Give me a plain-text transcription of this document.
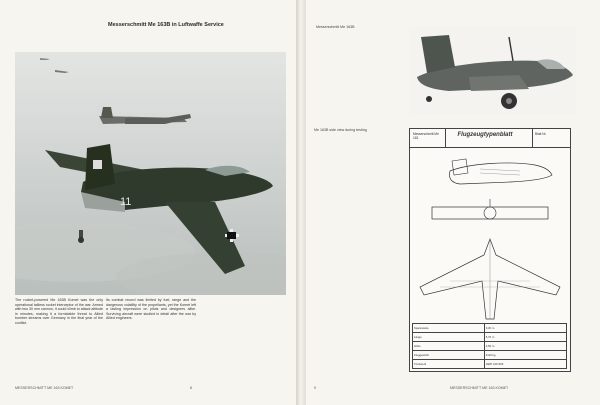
Messerschmitt Me 163B in Luftwaffe Service
11
The rocket-powered Me 163B Komet was the only operational tailless rocket interceptor of the war. Armed with two 30 mm cannon, it could climb to attack altitude in minutes, making it a formidable threat to Allied bomber streams over Germany in the final year of the conflict.
Its combat record was limited by fuel, range and the dangerous volatility of the propellants, yet the Komet left a lasting impression on pilots and designers alike. Surviving aircraft were studied in detail after the war by Allied engineers.
MESSERSCHMITT ME 163 KOMET	8
Messerschmitt Me 163B
Me 163B side view during testing
Messerschmitt Me 163	Flugzeugtypenblatt	Blatt Nr.
Spannweite	9,30 m
Länge	5,70 m
Höhe	2,50 m
Fluggewicht	4110 kg
Triebwerk	HWK 109-509
9	MESSERSCHMITT ME 163 KOMET
